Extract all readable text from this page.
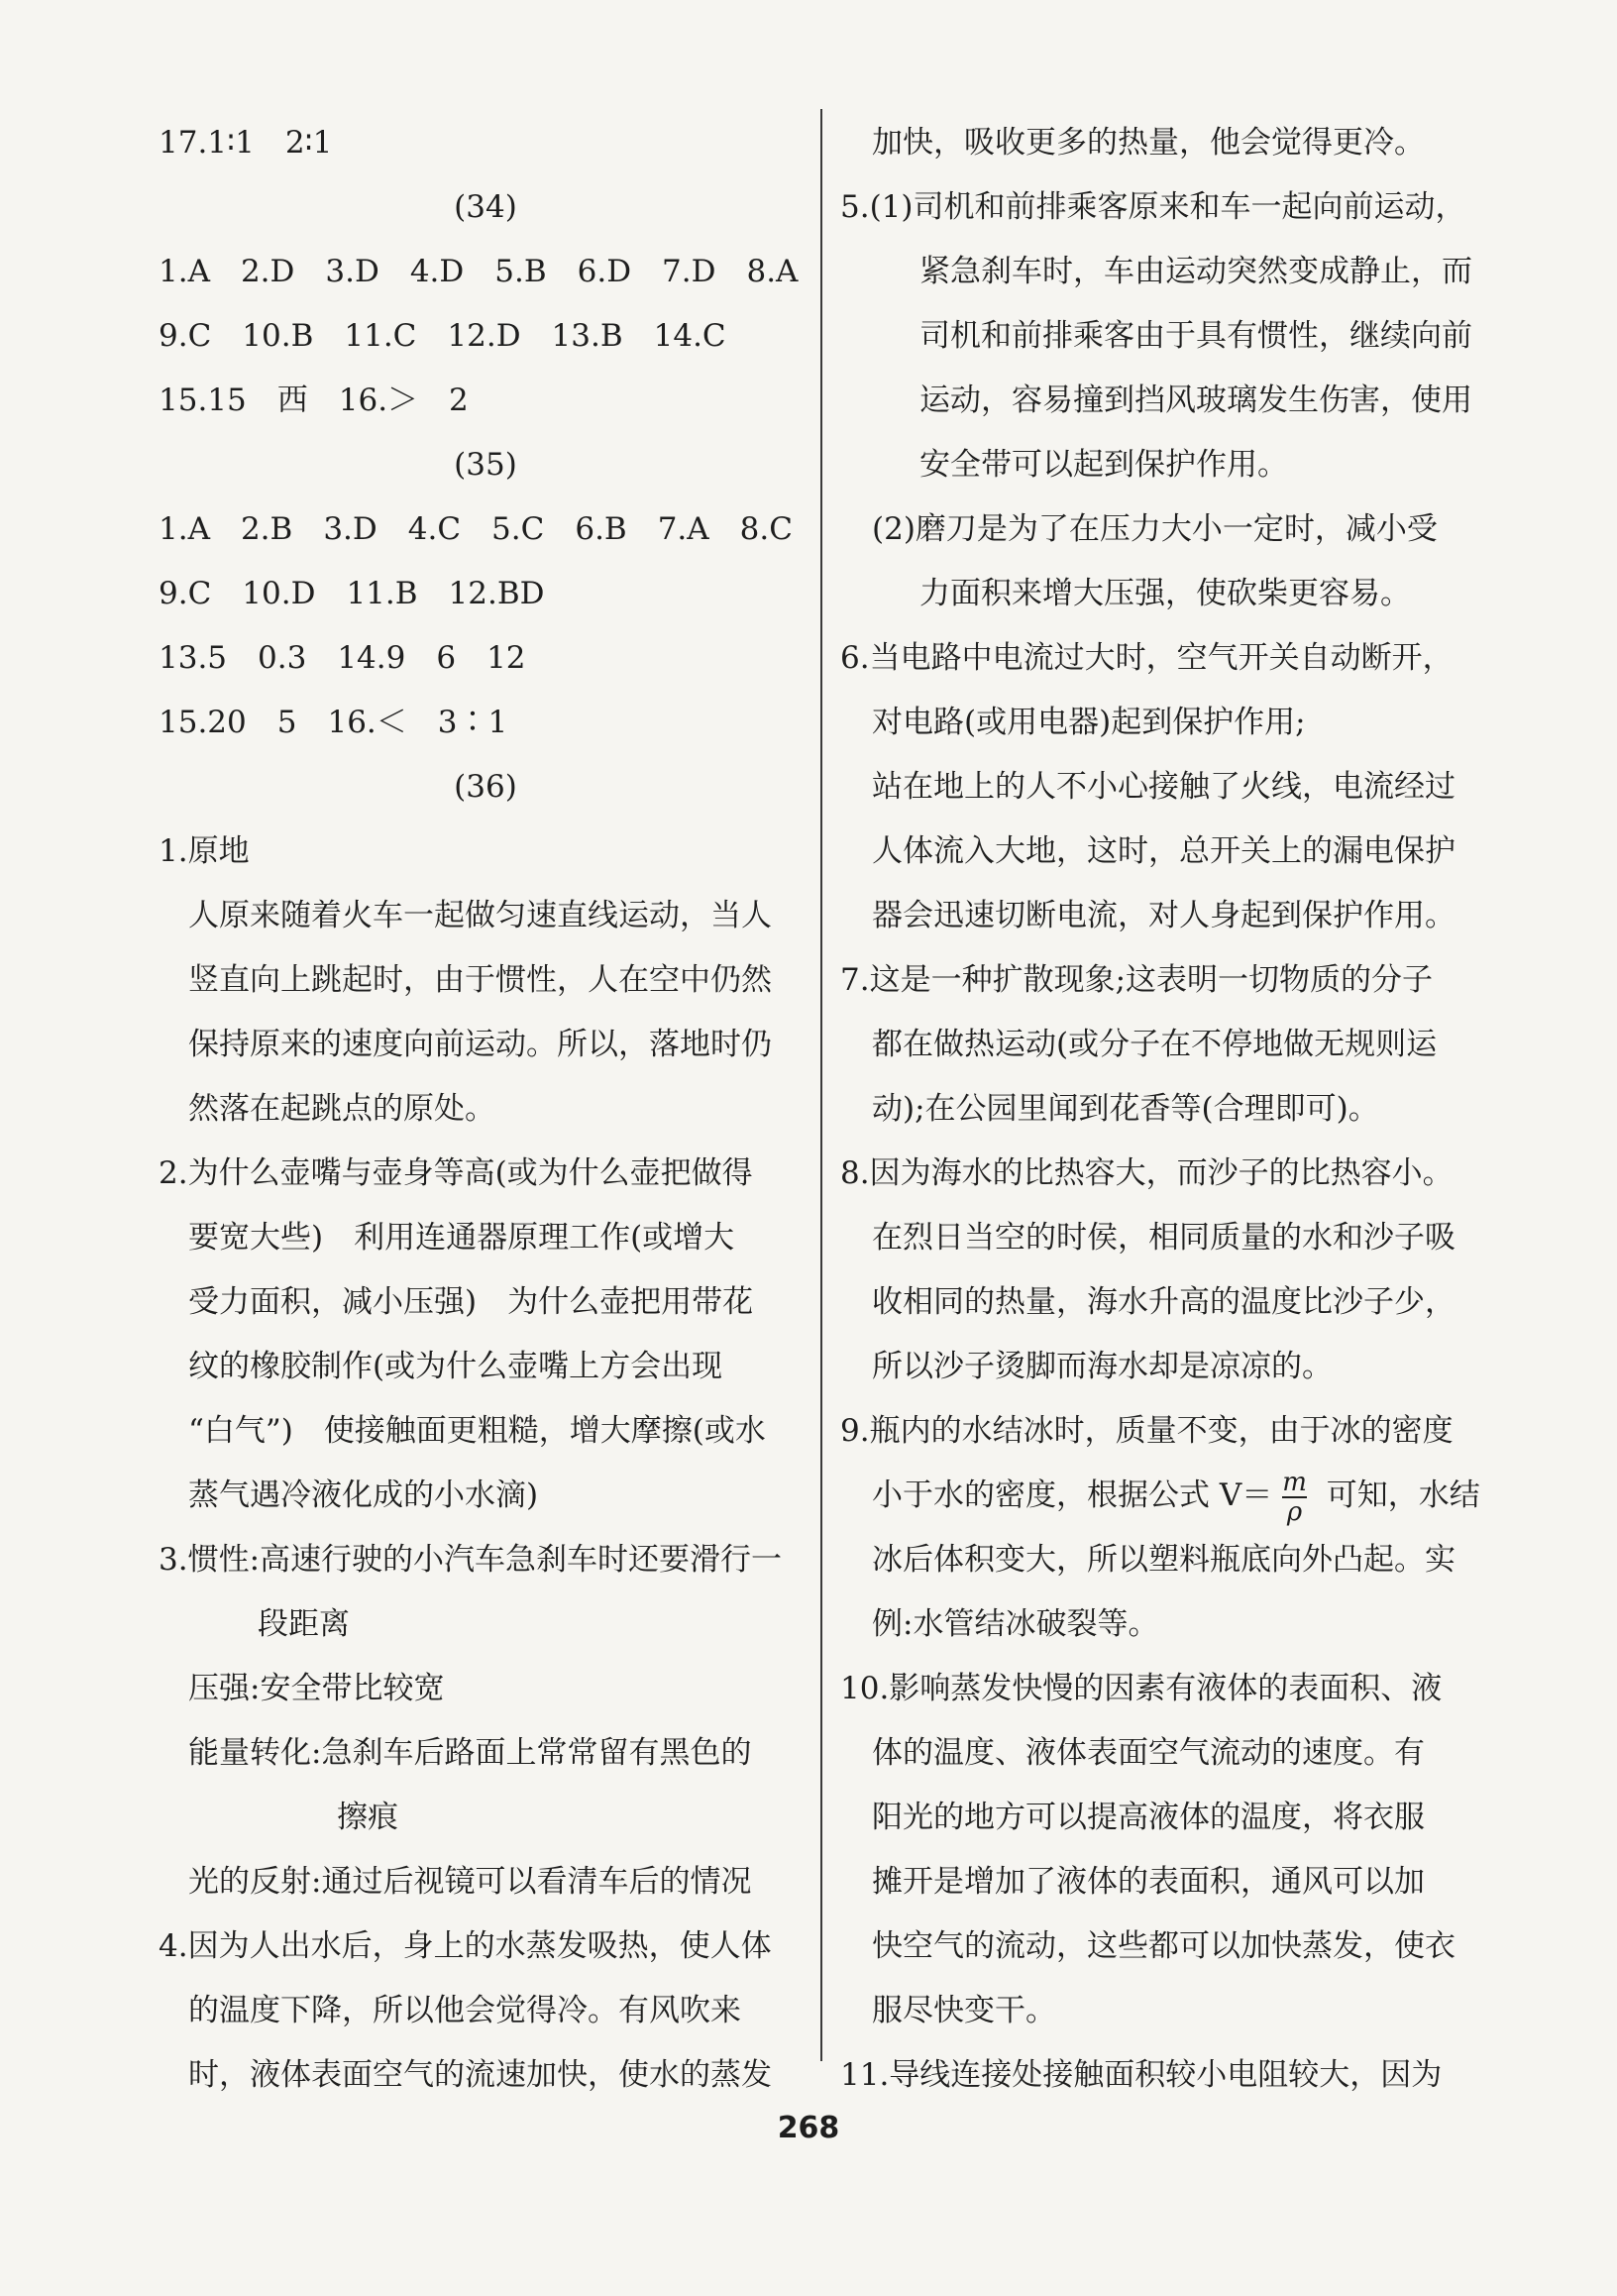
17.1∶1　2∶1
(34)
1.A　2.D　3.D　4.D　5.B　6.D　7.D　8.A
9.C　10.B　11.C　12.D　13.B　14.C
15.15　西　16.＞　2
(35)
1.A　2.B　3.D　4.C　5.C　6.B　7.A　8.C
9.C　10.D　11.B　12.BD
13.5　0.3　14.9　6　12
15.20　5　16.＜　3∶1
(36)
1.原地
人原来随着火车一起做匀速直线运动，当人
竖直向上跳起时，由于惯性，人在空中仍然
保持原来的速度向前运动。所以，落地时仍
然落在起跳点的原处。
2.为什么壶嘴与壶身等高(或为什么壶把做得
要宽大些)　利用连通器原理工作(或增大
受力面积，减小压强)　为什么壶把用带花
纹的橡胶制作(或为什么壶嘴上方会出现
“白气”)　使接触面更粗糙，增大摩擦(或水
蒸气遇冷液化成的小水滴)
3.惯性:高速行驶的小汽车急刹车时还要滑行一
段距离
压强:安全带比较宽
能量转化:急刹车后路面上常常留有黑色的
擦痕
光的反射:通过后视镜可以看清车后的情况
4.因为人出水后，身上的水蒸发吸热，使人体
的温度下降，所以他会觉得冷。有风吹来
时，液体表面空气的流速加快，使水的蒸发
加快，吸收更多的热量，他会觉得更冷。
5.(1)司机和前排乘客原来和车一起向前运动，
紧急刹车时，车由运动突然变成静止，而
司机和前排乘客由于具有惯性，继续向前
运动，容易撞到挡风玻璃发生伤害，使用
安全带可以起到保护作用。
(2)磨刀是为了在压力大小一定时，减小受
力面积来增大压强，使砍柴更容易。
6.当电路中电流过大时，空气开关自动断开，
对电路(或用电器)起到保护作用;
站在地上的人不小心接触了火线，电流经过
人体流入大地，这时，总开关上的漏电保护
器会迅速切断电流，对人身起到保护作用。
7.这是一种扩散现象;这表明一切物质的分子
都在做热运动(或分子在不停地做无规则运
动);在公园里闻到花香等(合理即可)。
8.因为海水的比热容大，而沙子的比热容小。
在烈日当空的时侯，相同质量的水和沙子吸
收相同的热量，海水升高的温度比沙子少，
所以沙子烫脚而海水却是凉凉的。
9.瓶内的水结冰时，质量不变，由于冰的密度
小于水的密度，根据公式 $V= \frac{m}{\rho}$ 可知，水结
冰后体积变大，所以塑料瓶底向外凸起。实
例:水管结冰破裂等。
10.影响蒸发快慢的因素有液体的表面积、液
体的温度、液体表面空气流动的速度。有
阳光的地方可以提高液体的温度，将衣服
摊开是增加了液体的表面积，通风可以加
快空气的流动，这些都可以加快蒸发，使衣
服尽快变干。
11.导线连接处接触面积较小电阻较大，因为
268
